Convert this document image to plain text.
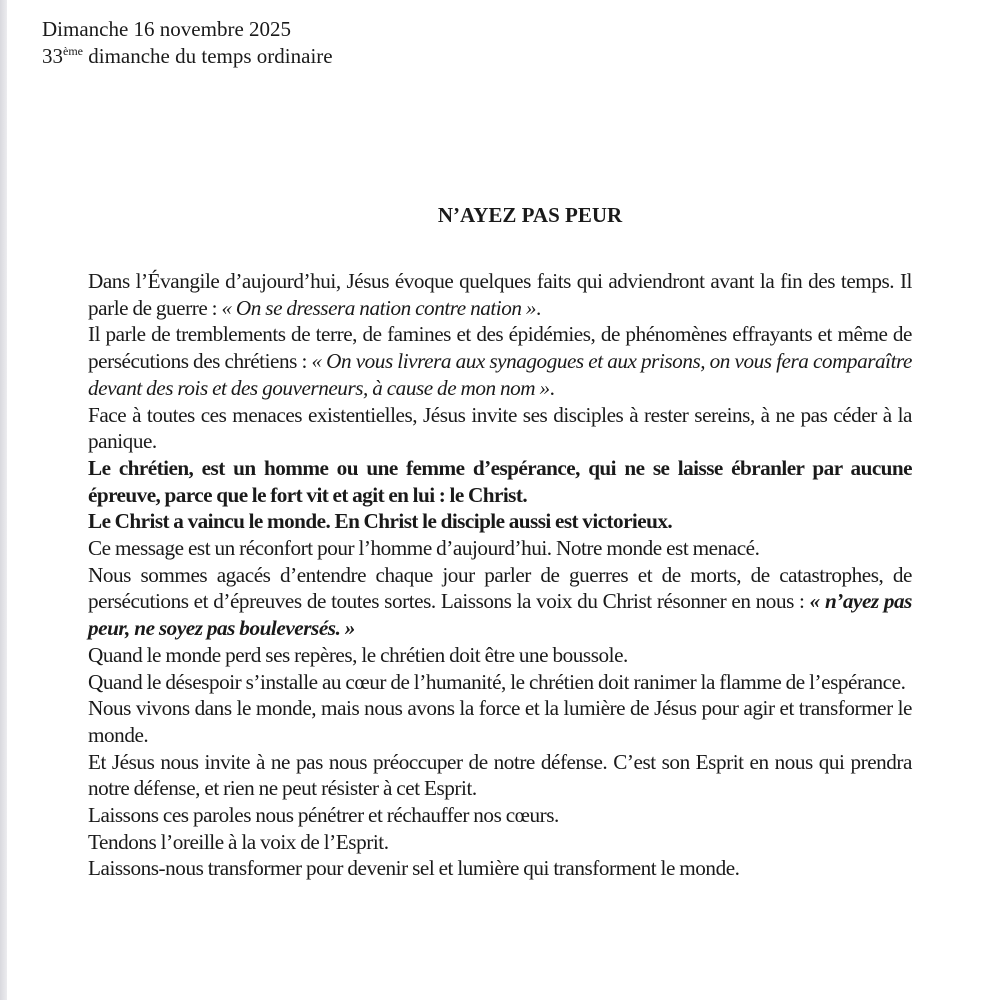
Dimanche 16 novembre 2025
33ème dimanche du temps ordinaire
N’AYEZ PAS PEUR

Dans l’Évangile d’aujourd’hui, Jésus évoque quelques faits qui adviendront avant la fin des temps. Il parle de guerre : « On se dressera nation contre nation ».

Il parle de tremblements de terre, de famines et des épidémies, de phénomènes effrayants et même de persécutions des chrétiens : « On vous livrera aux synagogues et aux prisons, on vous fera comparaître devant des rois et des gouverneurs, à cause de mon nom ».

Face à toutes ces menaces existentielles, Jésus invite ses disciples à rester sereins, à ne pas céder à la panique.

Le chrétien, est un homme ou une femme d’espérance, qui ne se laisse ébranler par aucune épreuve, parce que le fort vit et agit en lui : le Christ.

Le Christ a vaincu le monde. En Christ le disciple aussi est victorieux.

Ce message est un réconfort pour l’homme d’aujourd’hui. Notre monde est menacé.

Nous sommes agacés d’entendre chaque jour parler de guerres et de morts, de catastrophes, de persécutions et d’épreuves de toutes sortes. Laissons la voix du Christ résonner en nous : « n’ayez pas peur, ne soyez pas bouleversés. »

Quand le monde perd ses repères, le chrétien doit être une boussole.

Quand le désespoir s’installe au cœur de l’humanité, le chrétien doit ranimer la flamme de l’espérance.

Nous vivons dans le monde, mais nous avons la force et la lumière de Jésus pour agir et transformer le monde.

Et Jésus nous invite à ne pas nous préoccuper de notre défense. C’est son Esprit en nous qui prendra notre défense, et rien ne peut résister à cet Esprit.

Laissons ces paroles nous pénétrer et réchauffer nos cœurs.

Tendons l’oreille à la voix de l’Esprit.

Laissons-nous transformer pour devenir sel et lumière qui transforment le monde.
